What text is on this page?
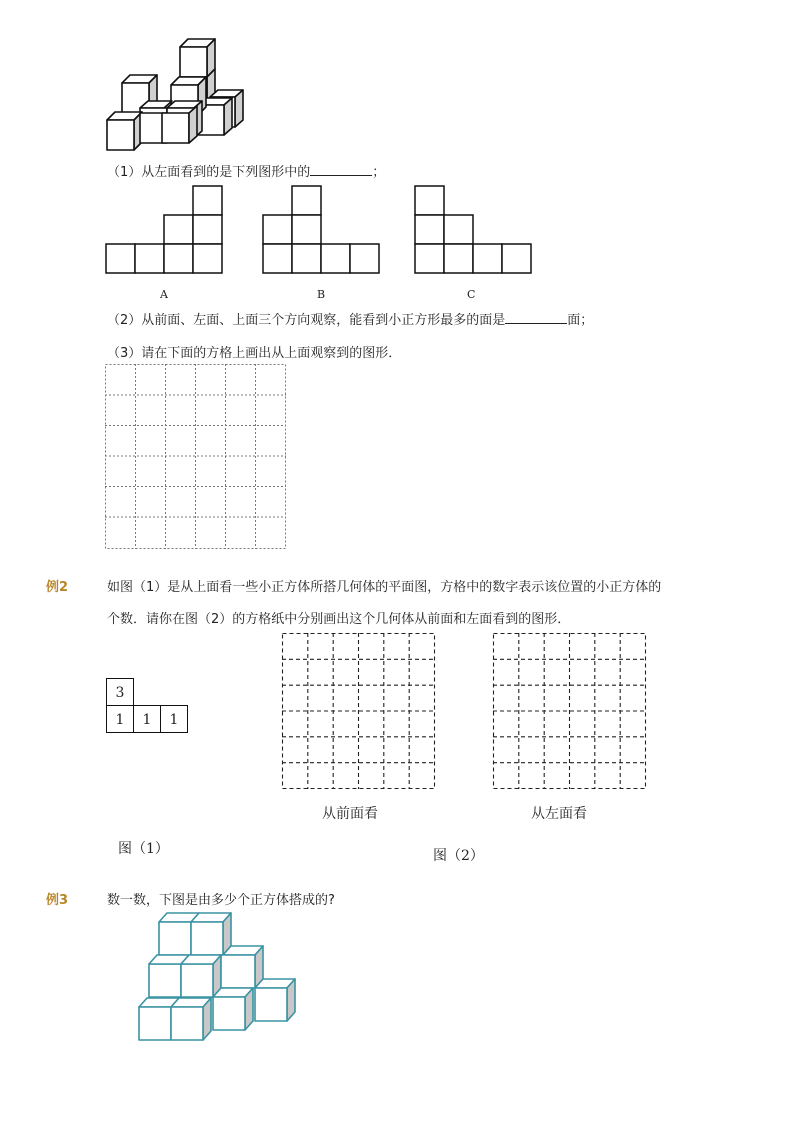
（1）从左面看到的是下列图形中的	；
A	B	C
（2）从前面、左面、上面三个方向观察，能看到小正方形最多的面是	面；
（3）请在下面的方格上画出从上面观察到的图形．
例2	如图（1）是从上面看一些小正方体所搭几何体的平面图，方格中的数字表示该位置的小正方体的
个数．请你在图（2）的方格纸中分别画出这个几何体从前面和左面看到的图形．
3
1	1	1
从前面看	从左面看
图（1）	图（2）
例3	数一数，下图是由多少个正方体搭成的?
